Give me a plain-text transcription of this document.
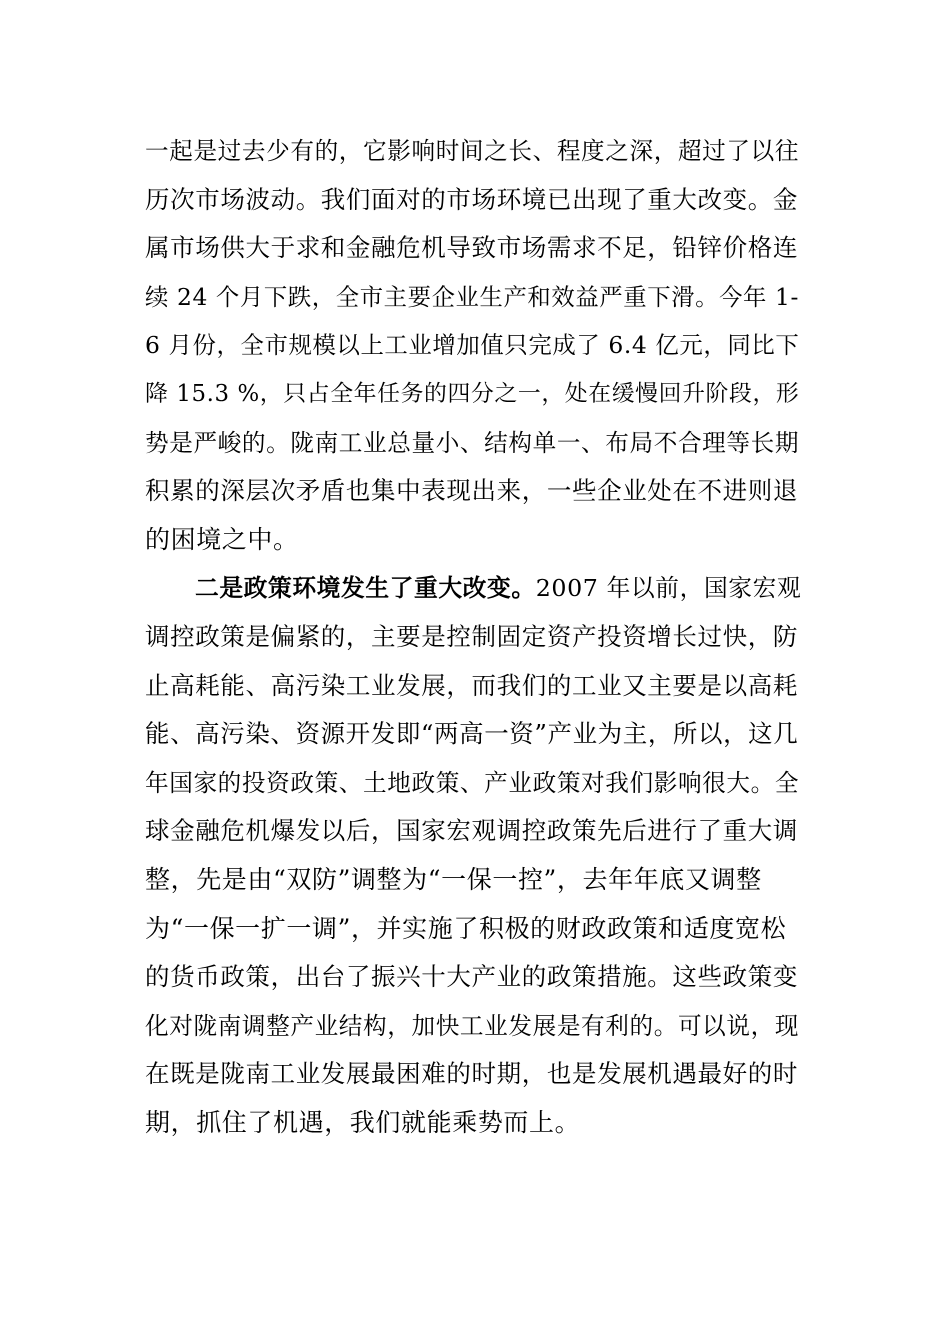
一起是过去少有的，它影响时间之长、程度之深，超过了以往
历次市场波动。我们面对的市场环境已出现了重大改变。金
属市场供大于求和金融危机导致市场需求不足，铅锌价格连
续 24 个月下跌，全市主要企业生产和效益严重下滑。今年 1-
6 月份，全市规模以上工业增加值只完成了 6.4 亿元，同比下
降 15.3 %，只占全年任务的四分之一，处在缓慢回升阶段，形
势是严峻的。陇南工业总量小、结构单一、布局不合理等长期
积累的深层次矛盾也集中表现出来，一些企业处在不进则退
的困境之中。
二是政策环境发生了重大改变。2007 年以前，国家宏观
调控政策是偏紧的，主要是控制固定资产投资增长过快，防
止高耗能、高污染工业发展，而我们的工业又主要是以高耗
能、高污染、资源开发即“两高一资”产业为主，所以，这几
年国家的投资政策、土地政策、产业政策对我们影响很大。全
球金融危机爆发以后，国家宏观调控政策先后进行了重大调
整，先是由“双防”调整为“一保一控”，去年年底又调整
为“一保一扩一调”，并实施了积极的财政政策和适度宽松
的货币政策，出台了振兴十大产业的政策措施。这些政策变
化对陇南调整产业结构，加快工业发展是有利的。可以说，现
在既是陇南工业发展最困难的时期，也是发展机遇最好的时
期，抓住了机遇，我们就能乘势而上。
